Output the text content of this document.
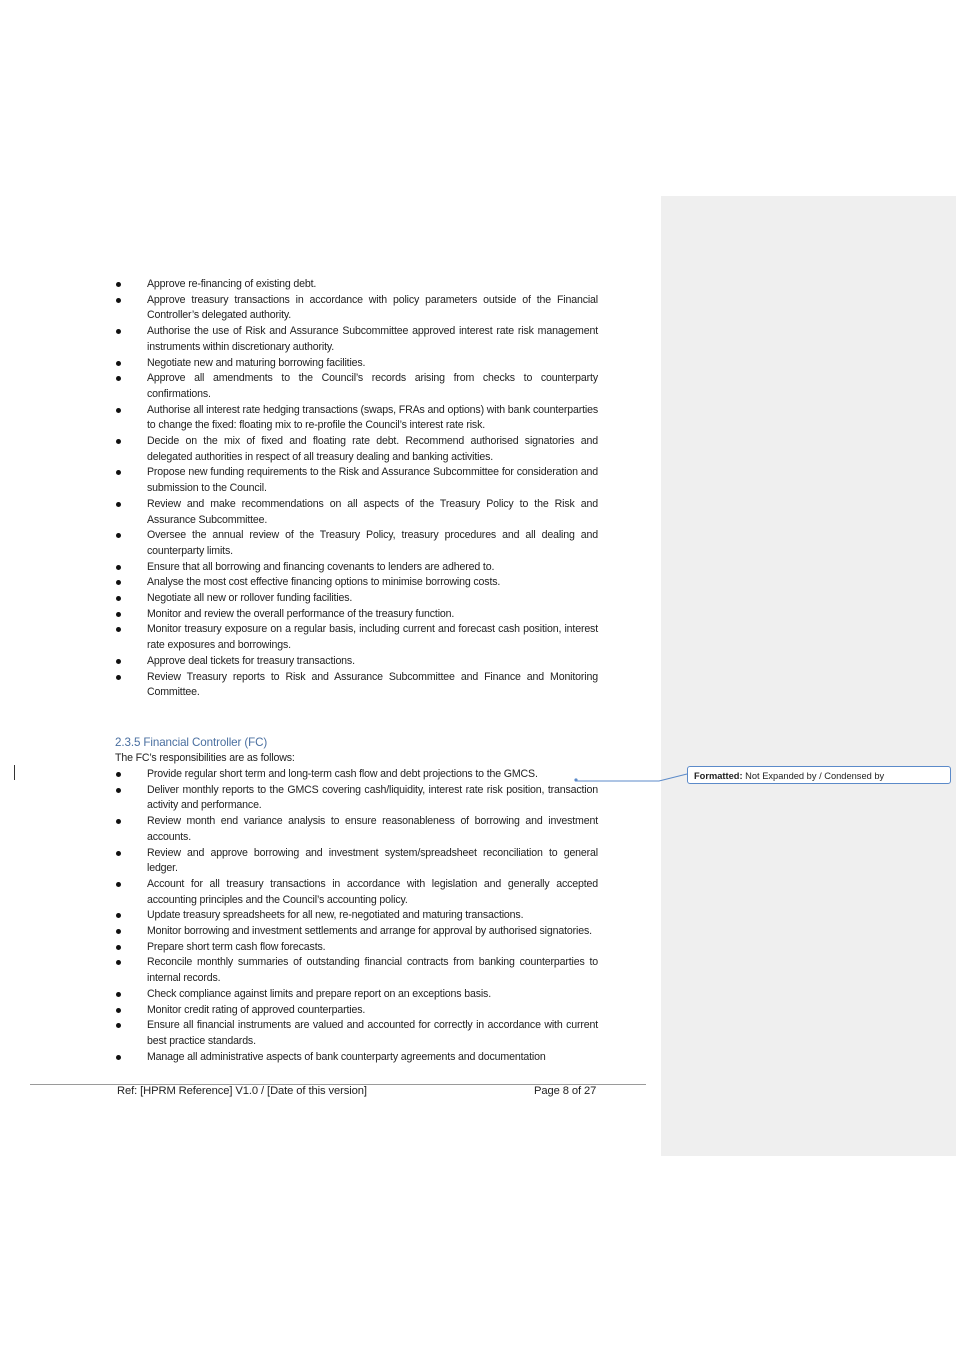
Approve re-financing of existing debt.
Approve treasury transactions in accordance with policy parameters outside of the Financial Controller’s delegated authority.
Authorise the use of Risk and Assurance Subcommittee approved interest rate risk management instruments within discretionary authority.
Negotiate new and maturing borrowing facilities.
Approve all amendments to the Council’s records arising from checks to counterparty confirmations.
Authorise all interest rate hedging transactions (swaps, FRAs and options) with bank counterparties to change the fixed: floating mix to re-profile the Council’s interest rate risk.
Decide on the mix of fixed and floating rate debt. Recommend authorised signatories and delegated authorities in respect of all treasury dealing and banking activities.
Propose new funding requirements to the Risk and Assurance Subcommittee for consideration and submission to the Council.
Review and make recommendations on all aspects of the Treasury Policy to the Risk and Assurance Subcommittee.
Oversee the annual review of the Treasury Policy, treasury procedures and all dealing and counterparty limits.
Ensure that all borrowing and financing covenants to lenders are adhered to.
Analyse the most cost effective financing options to minimise borrowing costs.
Negotiate all new or rollover funding facilities.
Monitor and review the overall performance of the treasury function.
Monitor treasury exposure on a regular basis, including current and forecast cash position, interest rate exposures and borrowings.
Approve deal tickets for treasury transactions.
Review Treasury reports to Risk and Assurance Subcommittee and Finance and Monitoring Committee.
2.3.5 Financial Controller (FC)
The FC’s responsibilities are as follows:
Provide regular short term and long-term cash flow and debt projections to the GMCS.
Deliver monthly reports to the GMCS covering cash/liquidity, interest rate risk position, transaction activity and performance.
Review month end variance analysis to ensure reasonableness of borrowing and investment accounts.
Review and approve borrowing and investment system/spreadsheet reconciliation to general ledger.
Account for all treasury transactions in accordance with legislation and generally accepted accounting principles and the Council’s accounting policy.
Update treasury spreadsheets for all new, re-negotiated and maturing transactions.
Monitor borrowing and investment settlements and arrange for approval by authorised signatories.
Prepare short term cash flow forecasts.
Reconcile monthly summaries of outstanding financial contracts from banking counterparties to internal records.
Check compliance against limits and prepare report on an exceptions basis.
Monitor credit rating of approved counterparties.
Ensure all financial instruments are valued and accounted for correctly in accordance with current best practice standards.
Manage all administrative aspects of bank counterparty agreements and documentation
Formatted: Not Expanded by / Condensed by
Ref: [HPRM Reference] V1.0 / [Date of this version]	Page 8 of 27
